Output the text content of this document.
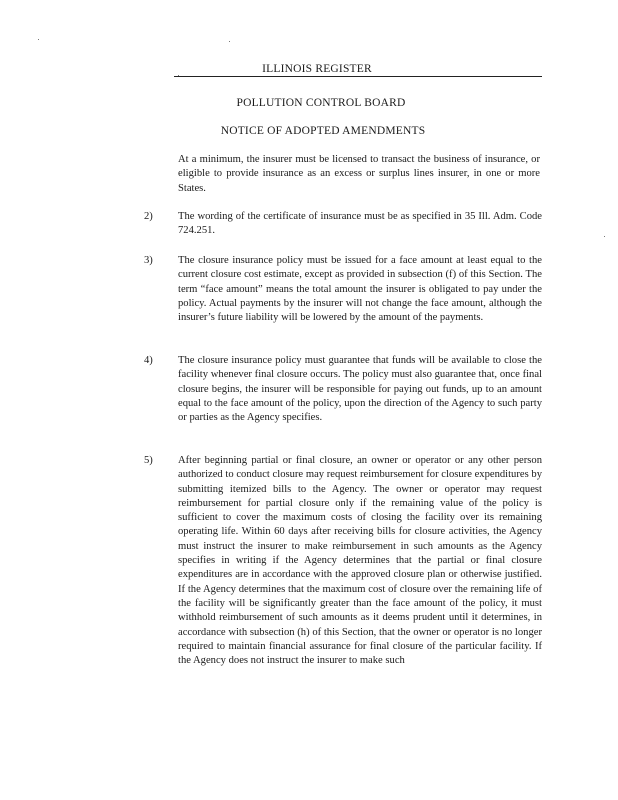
ILLINOIS REGISTER
POLLUTION CONTROL BOARD
NOTICE OF ADOPTED AMENDMENTS
At a minimum, the insurer must be licensed to transact the business of insurance, or eligible to provide insurance as an excess or surplus lines insurer, in one or more States.
2) The wording of the certificate of insurance must be as specified in 35 Ill. Adm. Code 724.251.
3) The closure insurance policy must be issued for a face amount at least equal to the current closure cost estimate, except as provided in subsection (f) of this Section. The term “face amount” means the total amount the insurer is obligated to pay under the policy. Actual payments by the insurer will not change the face amount, although the insurer’s future liability will be lowered by the amount of the payments.
4) The closure insurance policy must guarantee that funds will be available to close the facility whenever final closure occurs. The policy must also guarantee that, once final closure begins, the insurer will be responsible for paying out funds, up to an amount equal to the face amount of the policy, upon the direction of the Agency to such party or parties as the Agency specifies.
5) After beginning partial or final closure, an owner or operator or any other person authorized to conduct closure may request reimbursement for closure expenditures by submitting itemized bills to the Agency. The owner or operator may request reimbursement for partial closure only if the remaining value of the policy is sufficient to cover the maximum costs of closing the facility over its remaining operating life. Within 60 days after receiving bills for closure activities, the Agency must instruct the insurer to make reimbursement in such amounts as the Agency specifies in writing if the Agency determines that the partial or final closure expenditures are in accordance with the approved closure plan or otherwise justified. If the Agency determines that the maximum cost of closure over the remaining life of the facility will be significantly greater than the face amount of the policy, it must withhold reimbursement of such amounts as it deems prudent until it determines, in accordance with subsection (h) of this Section, that the owner or operator is no longer required to maintain financial assurance for final closure of the particular facility. If the Agency does not instruct the insurer to make such
